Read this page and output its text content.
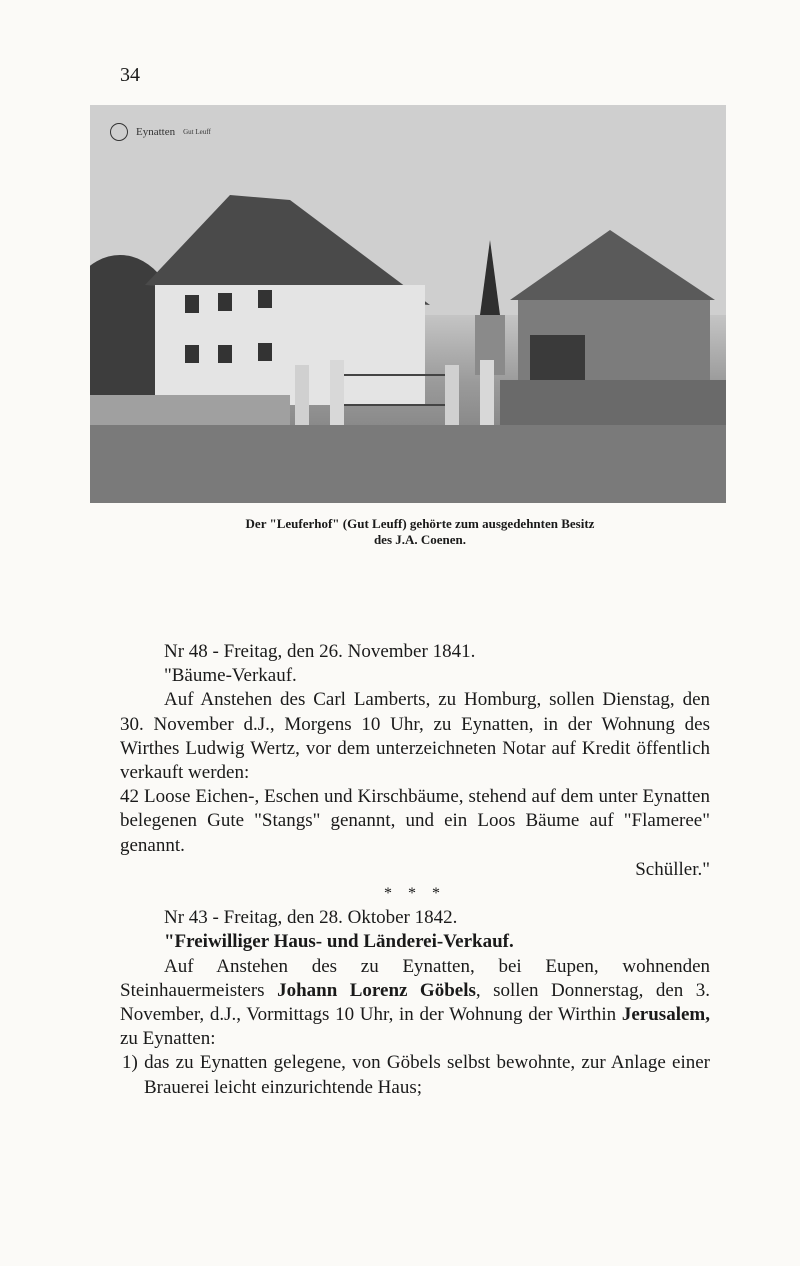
34
Eynatten Gut Leuff
Der "Leuferhof" (Gut Leuff) gehörte zum ausgedehnten Besitz
des J.A. Coenen.

Nr 48 - Freitag, den 26. November 1841.

"Bäume-Verkauf.

Auf Anstehen des Carl Lamberts, zu Homburg, sollen Dienstag, den 30. November d.J., Morgens 10 Uhr, zu Eynatten, in der Wohnung des Wirthes Ludwig Wertz, vor dem unterzeichneten Notar auf Kredit öffentlich verkauft werden:

42 Loose Eichen-, Eschen und Kirschbäume, stehend auf dem unter Eynatten belegenen Gute "Stangs" genannt, und ein Loos Bäume auf "Flameree" genannt.

Schüller."

* * *

Nr 43 - Freitag, den 28. Oktober 1842.

"Freiwilliger Haus- und Länderei-Verkauf.

Auf Anstehen des zu Eynatten, bei Eupen, wohnenden Steinhauermeisters Johann Lorenz Göbels, sollen Donnerstag, den 3. November, d.J., Vormittags 10 Uhr, in der Wohnung der Wirthin Jerusalem, zu Eynatten:

1) das zu Eynatten gelegene, von Göbels selbst bewohnte, zur Anlage einer Brauerei leicht einzurichtende Haus;
